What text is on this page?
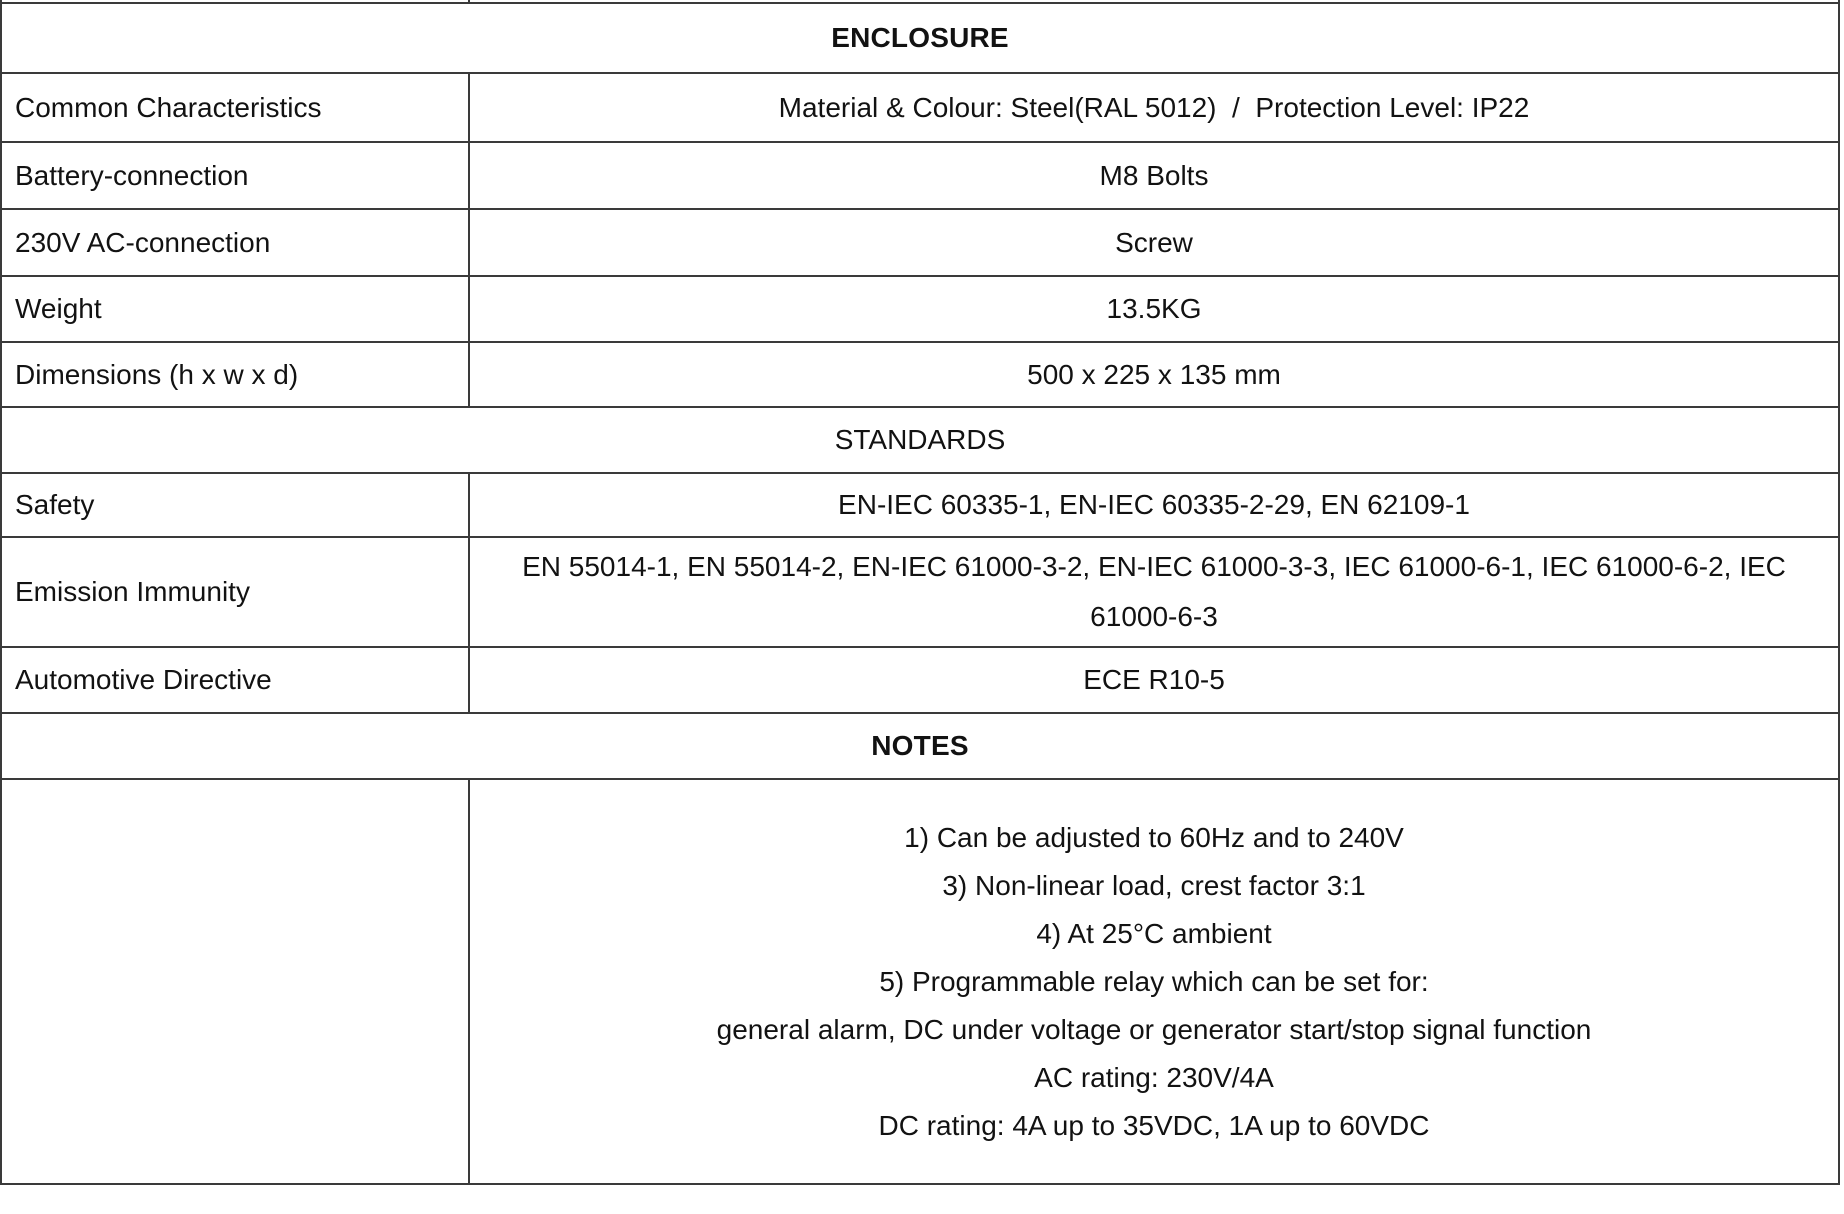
ENCLOSURE	
Common Characteristics	Material & Colour: Steel(RAL 5012)  /  Protection Level: IP22
Battery-connection	M8 Bolts
230V AC-connection	Screw
Weight	13.5KG
Dimensions (h x w x d)	500 x 225 x 135 mm
STANDARDS	
Safety	EN-IEC 60335-1, EN-IEC 60335-2-29, EN 62109-1
Emission Immunity	EN 55014-1, EN 55014-2, EN-IEC 61000-3-2, EN-IEC 61000-3-3, IEC 61000-6-1, IEC 61000-6-2, IEC 61000-6-3
Automotive Directive	ECE R10-5
NOTES	

1) Can be adjusted to 60Hz and to 240V
3) Non-linear load, crest factor 3:1
4) At 25°C ambient
5) Programmable relay which can be set for:
general alarm, DC under voltage or generator start/stop signal function
AC rating: 230V/4A
DC rating: 4A up to 35VDC, 1A up to 60VDC
